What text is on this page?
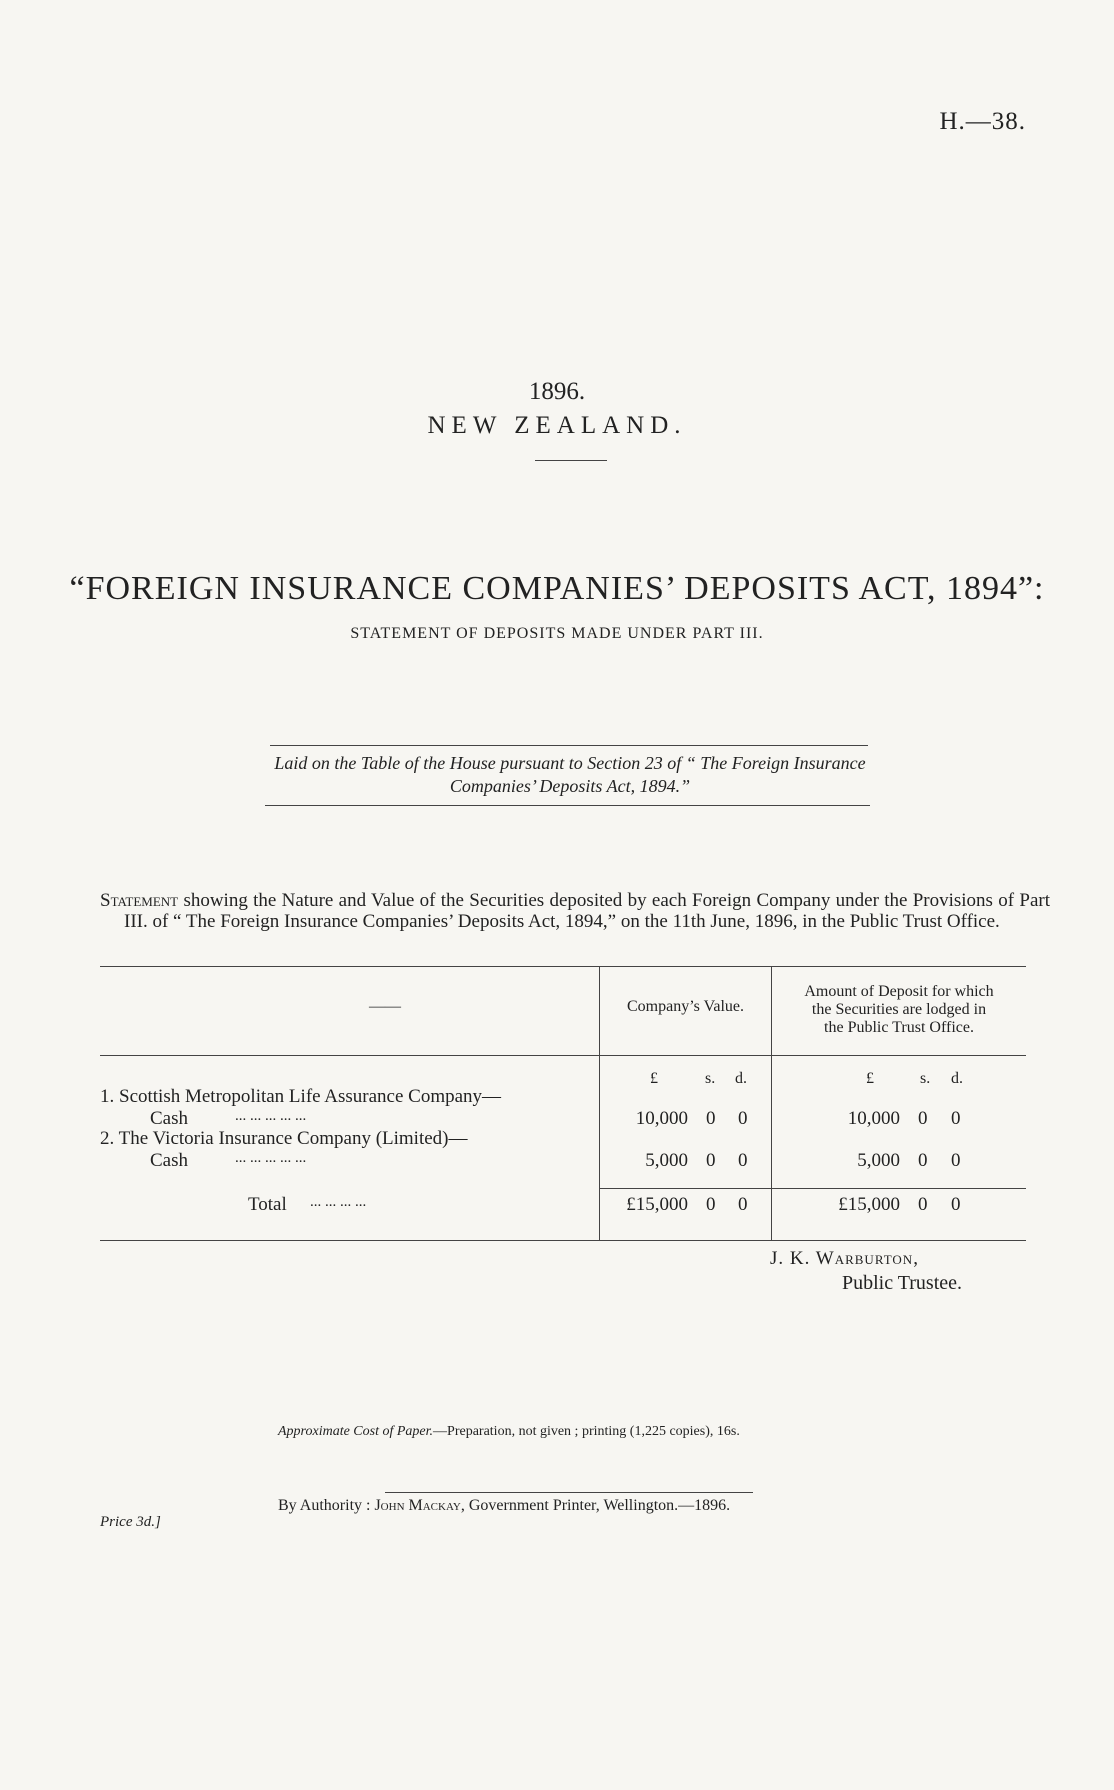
H.—38.
1896.
NEW ZEALAND.
“FOREIGN INSURANCE COMPANIES’ DEPOSITS ACT, 1894”:
STATEMENT OF DEPOSITS MADE UNDER PART III.
Laid on the Table of the House pursuant to Section 23 of “ The Foreign Insurance
Companies’ Deposits Act, 1894.”
Statement showing the Nature and Value of the Securities deposited by each Foreign Company under the Provisions of Part III. of “ The Foreign Insurance Companies’ Deposits Act, 1894,” on the 11th June, 1896, in the Public Trust Office.
——	Company’s Value.
Amount of Deposit for which
the Securities are lodged in
the Public Trust Office.
£	s. d.	£	s. d.
1. Scottish Metropolitan Life Assurance Company—
Cash	... ... ... ... ...	10,000 0 0	10,000 0 0
2. The Victoria Insurance Company (Limited)—
Cash	... ... ... ... ...	5,000 0 0	5,000 0 0
Total ... ... ... ...	£15,000 0 0	£15,000 0 0
J. K. Warburton,
Public Trustee.
Approximate Cost of Paper.—Preparation, not given ; printing (1,225 copies), 16s.
By Authority : John Mackay, Government Printer, Wellington.—1896.
Price 3d.]
